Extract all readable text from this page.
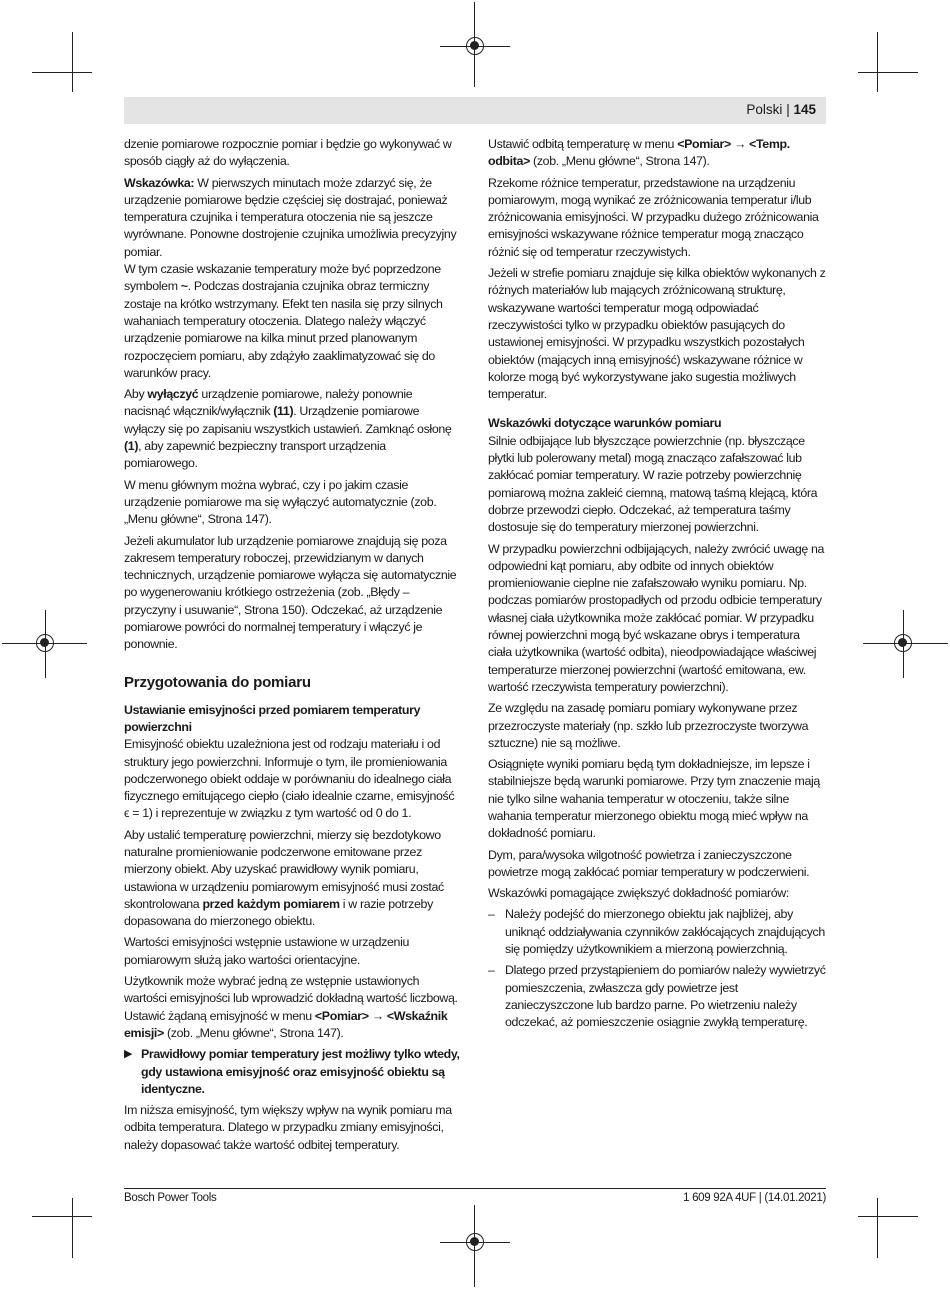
Polski | 145

dzenie pomiarowe rozpocznie pomiar i będzie go wykonywać w sposób ciągły aż do wyłączenia.

Wskazówka: W pierwszych minutach może zdarzyć się, że urządzenie pomiarowe będzie częściej się dostrajać, ponieważ temperatura czujnika i temperatura otoczenia nie są jeszcze wyrównane. Ponowne dostrojenie czujnika umożliwia precyzyjny pomiar.

W tym czasie wskazanie temperatury może być poprzedzone symbolem ~. Podczas dostrajania czujnika obraz termiczny zostaje na krótko wstrzymany. Efekt ten nasila się przy silnych wahaniach temperatury otoczenia. Dlatego należy włączyć urządzenie pomiarowe na kilka minut przed planowanym rozpoczęciem pomiaru, aby zdążyło zaaklimatyzować się do warunków pracy.

Aby wyłączyć urządzenie pomiarowe, należy ponownie nacisnąć włącznik/wyłącznik (11). Urządzenie pomiarowe wyłączy się po zapisaniu wszystkich ustawień. Zamknąć osłonę (1), aby zapewnić bezpieczny transport urządzenia pomiarowego.

W menu głównym można wybrać, czy i po jakim czasie urządzenie pomiarowe ma się wyłączyć automatycznie (zob. „Menu główne“, Strona 147).

Jeżeli akumulator lub urządzenie pomiarowe znajdują się poza zakresem temperatury roboczej, przewidzianym w danych technicznych, urządzenie pomiarowe wyłącza się automatycznie po wygenerowaniu krótkiego ostrzeżenia (zob. „Błędy – przyczyny i usuwanie“, Strona 150). Odczekać, aż urządzenie pomiarowe powróci do normalnej temperatury i włączyć je ponownie.

Przygotowania do pomiaru
Ustawianie emisyjności przed pomiarem temperatury powierzchni

Emisyjność obiektu uzależniona jest od rodzaju materiału i od struktury jego powierzchni. Informuje o tym, ile promieniowania podczerwonego obiekt oddaje w porównaniu do idealnego ciała fizycznego emitującego ciepło (ciało idealnie czarne, emisyjność ϵ = 1) i reprezentuje w związku z tym wartość od 0 do 1.

Aby ustalić temperaturę powierzchni, mierzy się bezdotykowo naturalne promieniowanie podczerwone emitowane przez mierzony obiekt. Aby uzyskać prawidłowy wynik pomiaru, ustawiona w urządzeniu pomiarowym emisyjność musi zostać skontrolowana przed każdym pomiarem i w razie potrzeby dopasowana do mierzonego obiektu.

Wartości emisyjności wstępnie ustawione w urządzeniu pomiarowym służą jako wartości orientacyjne.

Użytkownik może wybrać jedną ze wstępnie ustawionych wartości emisyjności lub wprowadzić dokładną wartość liczbową. Ustawić żądaną emisyjność w menu <Pomiar> → <Wskaźnik emisji> (zob. „Menu główne“, Strona 147).

▶ Prawidłowy pomiar temperatury jest możliwy tylko wtedy, gdy ustawiona emisyjność oraz emisyjność obiektu są identyczne.

Im niższa emisyjność, tym większy wpływ na wynik pomiaru ma odbita temperatura. Dlatego w przypadku zmiany emisyjności, należy dopasować także wartość odbitej temperatury.

Ustawić odbitą temperaturę w menu <Pomiar> → <Temp. odbita> (zob. „Menu główne“, Strona 147).

Rzekome różnice temperatur, przedstawione na urządzeniu pomiarowym, mogą wynikać ze zróżnicowania temperatur i/lub zróżnicowania emisyjności. W przypadku dużego zróżnicowania emisyjności wskazywane różnice temperatur mogą znacząco różnić się od temperatur rzeczywistych.

Jeżeli w strefie pomiaru znajduje się kilka obiektów wykonanych z różnych materiałów lub mających zróżnicowaną strukturę, wskazywane wartości temperatur mogą odpowiadać rzeczywistości tylko w przypadku obiektów pasujących do ustawionej emisyjności. W przypadku wszystkich pozostałych obiektów (mających inną emisyjność) wskazywane różnice w kolorze mogą być wykorzystywane jako sugestia możliwych temperatur.

Wskazówki dotyczące warunków pomiaru

Silnie odbijające lub błyszczące powierzchnie (np. błyszczące płytki lub polerowany metal) mogą znacząco zafałszować lub zakłócać pomiar temperatury. W razie potrzeby powierzchnię pomiarową można zakleić ciemną, matową taśmą klejącą, która dobrze przewodzi ciepło. Odczekać, aż temperatura taśmy dostosuje się do temperatury mierzonej powierzchni.

W przypadku powierzchni odbijających, należy zwrócić uwagę na odpowiedni kąt pomiaru, aby odbite od innych obiektów promieniowanie cieplne nie zafałszowało wyniku pomiaru. Np. podczas pomiarów prostopadłych od przodu odbicie temperatury własnej ciała użytkownika może zakłócać pomiar. W przypadku równej powierzchni mogą być wskazane obrys i temperatura ciała użytkownika (wartość odbita), nieodpowiadające właściwej temperaturze mierzonej powierzchni (wartość emitowana, ew. wartość rzeczywista temperatury powierzchni).

Ze względu na zasadę pomiaru pomiary wykonywane przez przezroczyste materiały (np. szkło lub przezroczyste tworzywa sztuczne) nie są możliwe.

Osiągnięte wyniki pomiaru będą tym dokładniejsze, im lepsze i stabilniejsze będą warunki pomiarowe. Przy tym znaczenie mają nie tylko silne wahania temperatur w otoczeniu, także silne wahania temperatur mierzonego obiektu mogą mieć wpływ na dokładność pomiaru.

Dym, para/wysoka wilgotność powietrza i zanieczyszczone powietrze mogą zakłócać pomiar temperatury w podczerwieni.

Wskazówki pomagające zwiększyć dokładność pomiarów:

– Należy podejść do mierzonego obiektu jak najbliżej, aby uniknąć oddziaływania czynników zakłócających znajdujących się pomiędzy użytkownikiem a mierzoną powierzchnią.
– Dlatego przed przystąpieniem do pomiarów należy wywietrzyć pomieszczenia, zwłaszcza gdy powietrze jest zanieczyszczone lub bardzo parne. Po wietrzeniu należy odczekać, aż pomieszczenie osiągnie zwykłą temperaturę.
Bosch Power Tools	1 609 92A 4UF | (14.01.2021)
